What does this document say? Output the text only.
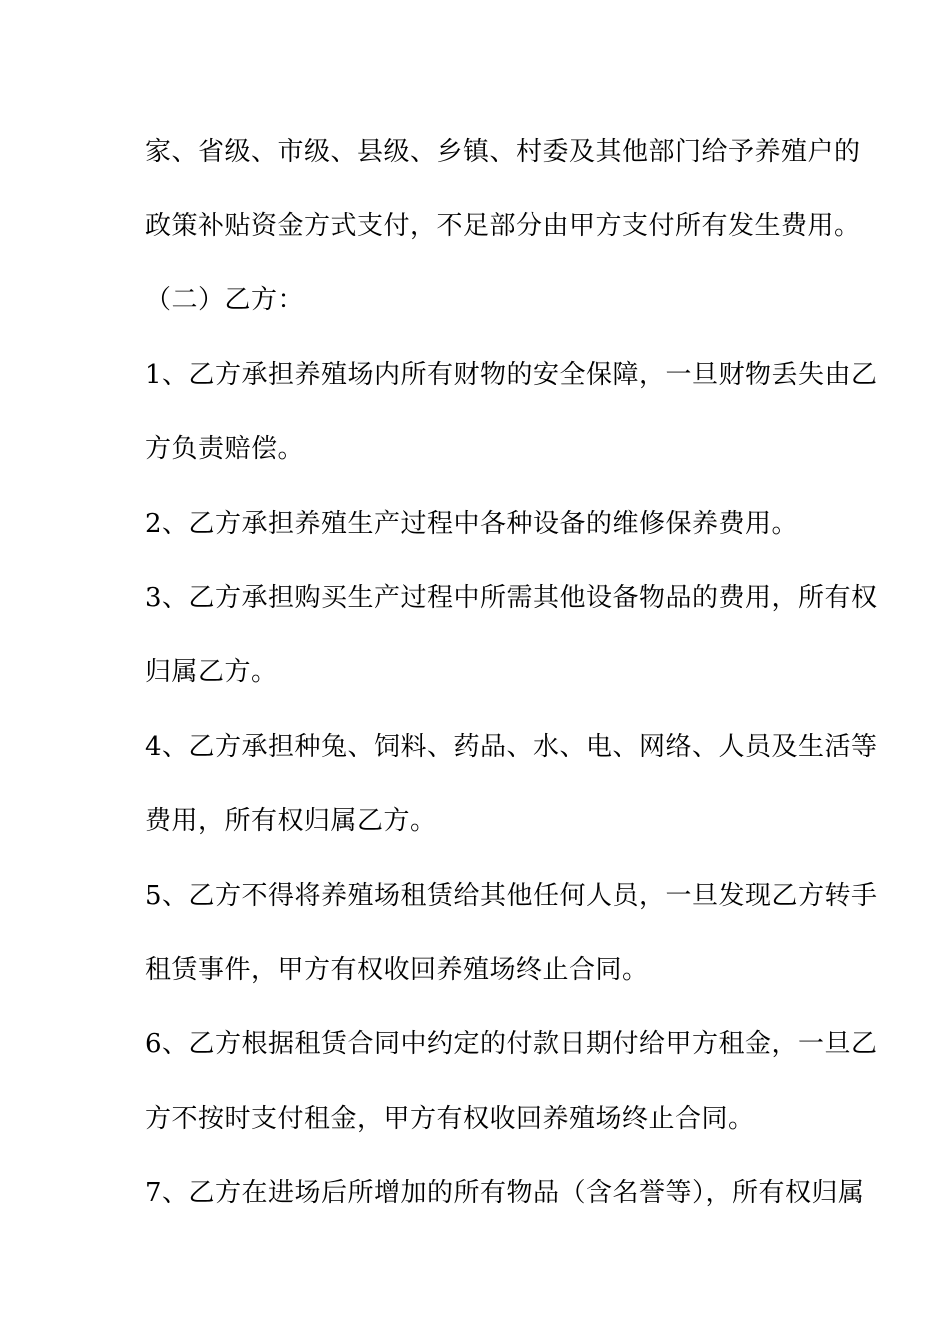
家、省级、市级、县级、乡镇、村委及其他部门给予养殖户的
政策补贴资金方式支付，不足部分由甲方支付所有发生费用。
（二）乙方：
1、乙方承担养殖场内所有财物的安全保障，一旦财物丢失由乙
方负责赔偿。
2、乙方承担养殖生产过程中各种设备的维修保养费用。
3、乙方承担购买生产过程中所需其他设备物品的费用，所有权
归属乙方。
4、乙方承担种兔、饲料、药品、水、电、网络、人员及生活等
费用，所有权归属乙方。
5、乙方不得将养殖场租赁给其他任何人员，一旦发现乙方转手
租赁事件，甲方有权收回养殖场终止合同。
6、乙方根据租赁合同中约定的付款日期付给甲方租金，一旦乙
方不按时支付租金，甲方有权收回养殖场终止合同。
7、乙方在进场后所增加的所有物品（含名誉等），所有权归属
